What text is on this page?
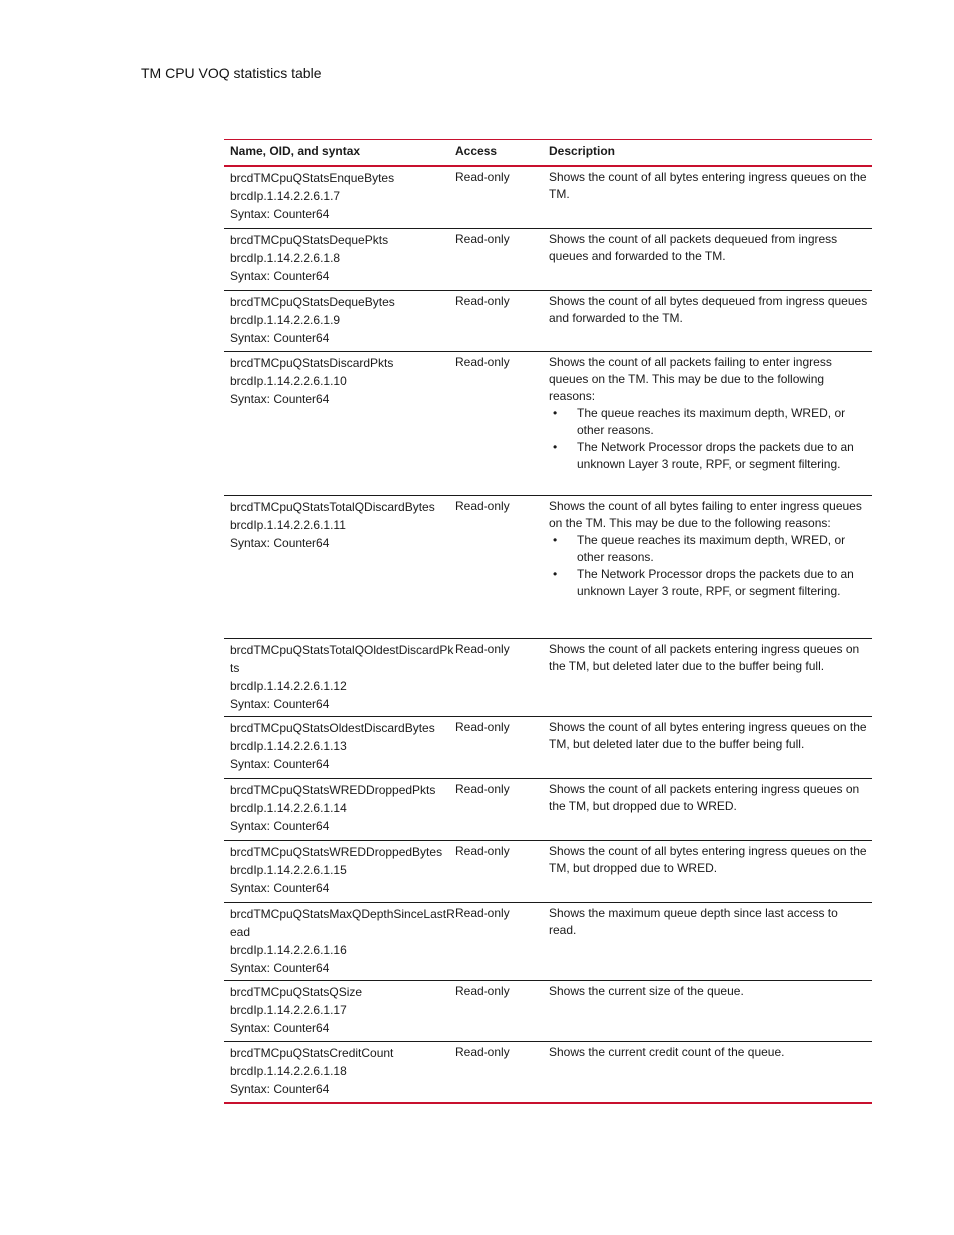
TM CPU VOQ statistics table
Name, OID, and syntax	Access	Description
brcdTMCpuQStatsEnqueBytes
brcdIp.1.14.2.2.6.1.7
Syntax: Counter64
Read-only	Shows the count of all bytes entering ingress queues on the TM.
brcdTMCpuQStatsDequePkts
brcdIp.1.14.2.2.6.1.8
Syntax: Counter64
Read-only	Shows the count of all packets dequeued from ingress queues and forwarded to the TM.
brcdTMCpuQStatsDequeBytes
brcdIp.1.14.2.2.6.1.9
Syntax: Counter64
Read-only	Shows the count of all bytes dequeued from ingress queues and forwarded to the TM.
brcdTMCpuQStatsDiscardPkts
brcdIp.1.14.2.2.6.1.10
Syntax: Counter64
Read-only	Shows the count of all packets failing to enter ingress queues on the TM. This may be due to the following reasons:
• The queue reaches its maximum depth, WRED, or other reasons.
• The Network Processor drops the packets due to an unknown Layer 3 route, RPF, or segment filtering.
brcdTMCpuQStatsTotalQDiscardBytes
brcdIp.1.14.2.2.6.1.11
Syntax: Counter64
Read-only	Shows the count of all bytes failing to enter ingress queues on the TM. This may be due to the following reasons:
• The queue reaches its maximum depth, WRED, or other reasons.
• The Network Processor drops the packets due to an unknown Layer 3 route, RPF, or segment filtering.
brcdTMCpuQStatsTotalQOldestDiscardPkts
brcdIp.1.14.2.2.6.1.12
Syntax: Counter64
Read-only	Shows the count of all packets entering ingress queues on the TM, but deleted later due to the buffer being full.
brcdTMCpuQStatsOldestDiscardBytes
brcdIp.1.14.2.2.6.1.13
Syntax: Counter64
Read-only	Shows the count of all bytes entering ingress queues on the TM, but deleted later due to the buffer being full.
brcdTMCpuQStatsWREDDroppedPkts
brcdIp.1.14.2.2.6.1.14
Syntax: Counter64
Read-only	Shows the count of all packets entering ingress queues on the TM, but dropped due to WRED.
brcdTMCpuQStatsWREDDroppedBytes
brcdIp.1.14.2.2.6.1.15
Syntax: Counter64
Read-only	Shows the count of all bytes entering ingress queues on the TM, but dropped due to WRED.
brcdTMCpuQStatsMaxQDepthSinceLastRead
brcdIp.1.14.2.2.6.1.16
Syntax: Counter64
Read-only	Shows the maximum queue depth since last access to read.
brcdTMCpuQStatsQSize
brcdIp.1.14.2.2.6.1.17
Syntax: Counter64
Read-only	Shows the current size of the queue.
brcdTMCpuQStatsCreditCount
brcdIp.1.14.2.2.6.1.18
Syntax: Counter64
Read-only	Shows the current credit count of the queue.
